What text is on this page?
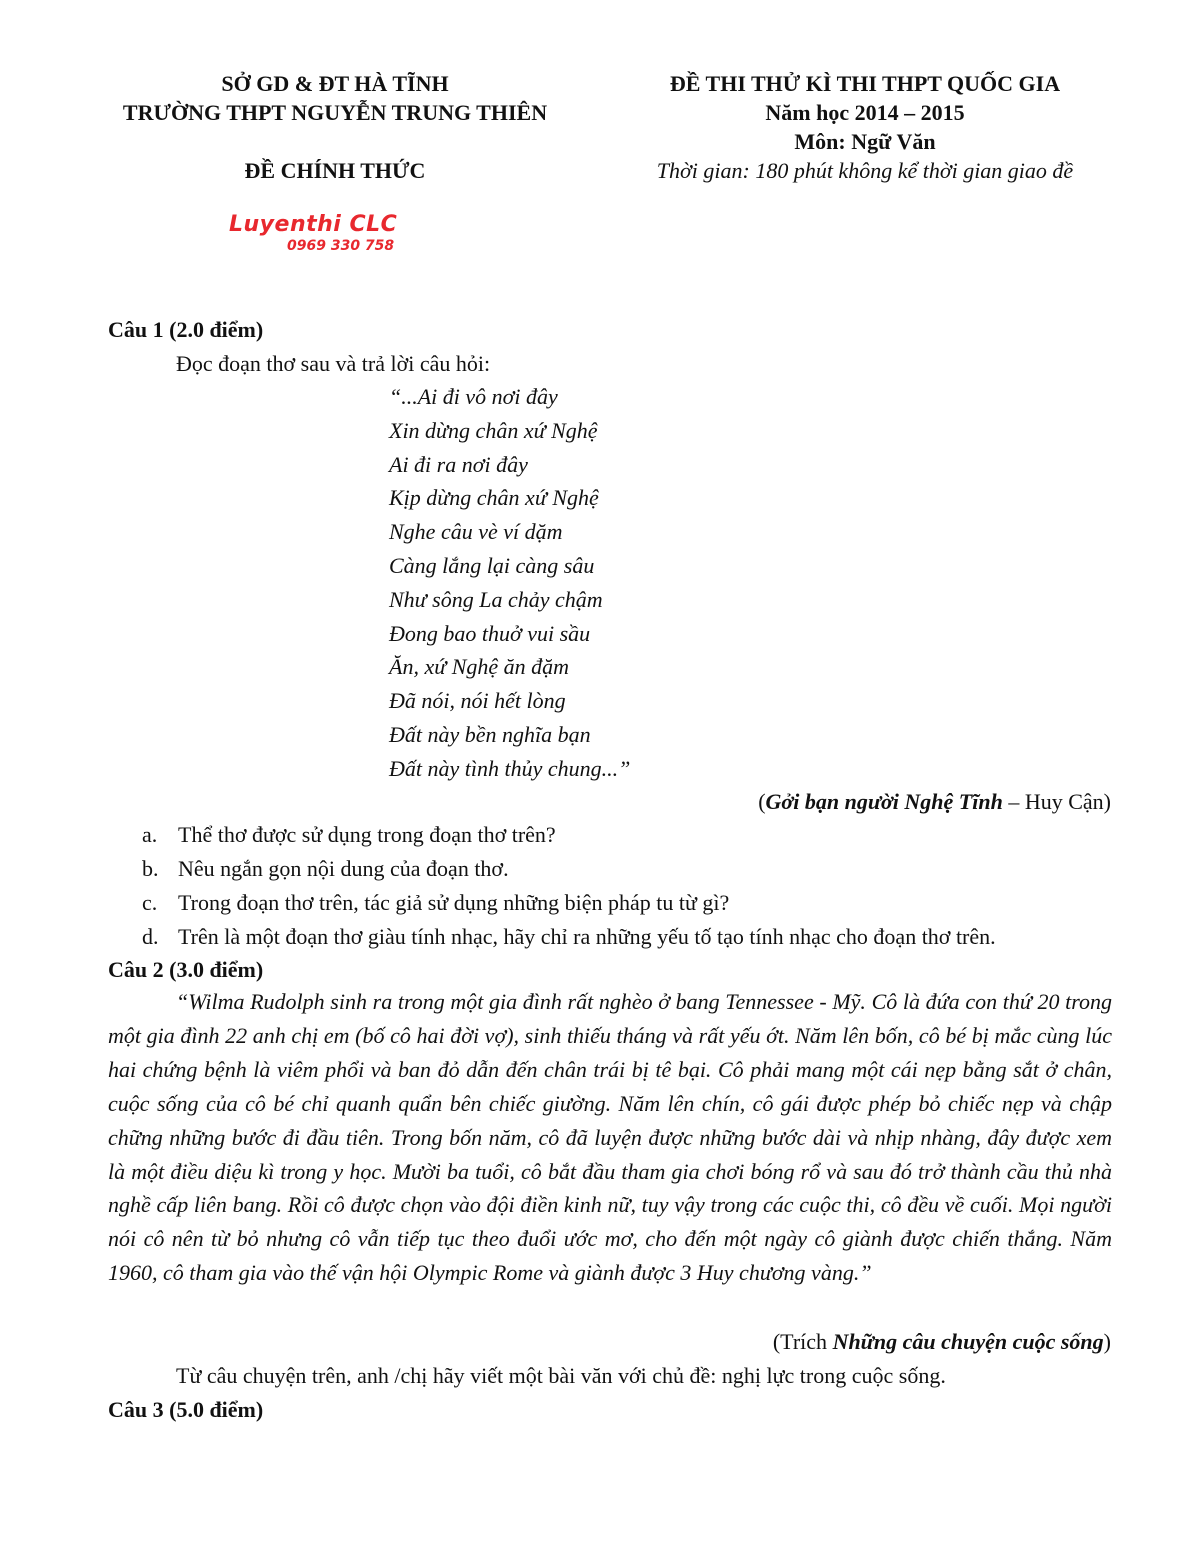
SỞ GD & ĐT HÀ TĨNH
TRƯỜNG THPT NGUYỄN TRUNG THIÊN
ĐỀ CHÍNH THỨC
ĐỀ THI THỬ KÌ THI THPT QUỐC GIA
Năm học 2014 – 2015
Môn: Ngữ Văn
Thời gian: 180 phút không kể thời gian giao đề
Luyenthi CLC
0969 330 758
Câu 1 (2.0 điểm)
Đọc đoạn thơ sau và trả lời câu hỏi:
“...Ai đi vô nơi đây
Xin dừng chân xứ Nghệ
Ai đi ra nơi đây
Kịp dừng chân xứ Nghệ
Nghe câu vè ví dặm
Càng lắng lại càng sâu
Như sông La chảy chậm
Đong bao thuở vui sầu
Ăn, xứ Nghệ ăn đặm
Đã nói, nói hết lòng
Đất này bền nghĩa bạn
Đất này tình thủy chung...”
(Gởi bạn người Nghệ Tĩnh – Huy Cận)
a. Thể thơ được sử dụng trong đoạn thơ trên?
b. Nêu ngắn gọn nội dung của đoạn thơ.
c. Trong đoạn thơ trên, tác giả sử dụng những biện pháp tu từ gì?
d. Trên là một đoạn thơ giàu tính nhạc, hãy chỉ ra những yếu tố tạo tính nhạc cho đoạn thơ trên.
Câu 2 (3.0 điểm)
“Wilma Rudolph sinh ra trong một gia đình rất nghèo ở bang Tennessee - Mỹ. Cô là đứa con thứ 20 trong một gia đình 22 anh chị em (bố cô hai đời vợ), sinh thiếu tháng và rất yếu ớt. Năm lên bốn, cô bé bị mắc cùng lúc hai chứng bệnh là viêm phổi và ban đỏ dẫn đến chân trái bị tê bại. Cô phải mang một cái nẹp bằng sắt ở chân, cuộc sống của cô bé chỉ quanh quẩn bên chiếc giường. Năm lên chín, cô gái được phép bỏ chiếc nẹp và chập chững những bước đi đầu tiên. Trong bốn năm, cô đã luyện được những bước dài và nhịp nhàng, đây được xem là một điều diệu kì trong y học. Mười ba tuổi, cô bắt đầu tham gia chơi bóng rổ và sau đó trở thành cầu thủ nhà nghề cấp liên bang. Rồi cô được chọn vào đội điền kinh nữ, tuy vậy trong các cuộc thi, cô đều về cuối. Mọi người nói cô nên từ bỏ nhưng cô vẫn tiếp tục theo đuổi ước mơ, cho đến một ngày cô giành được chiến thắng. Năm 1960, cô tham gia vào thế vận hội Olympic Rome và giành được 3 Huy chương vàng.”
(Trích Những câu chuyện cuộc sống)
Từ câu chuyện trên, anh /chị hãy viết một bài văn với chủ đề: nghị lực trong cuộc sống.
Câu 3 (5.0 điểm)
